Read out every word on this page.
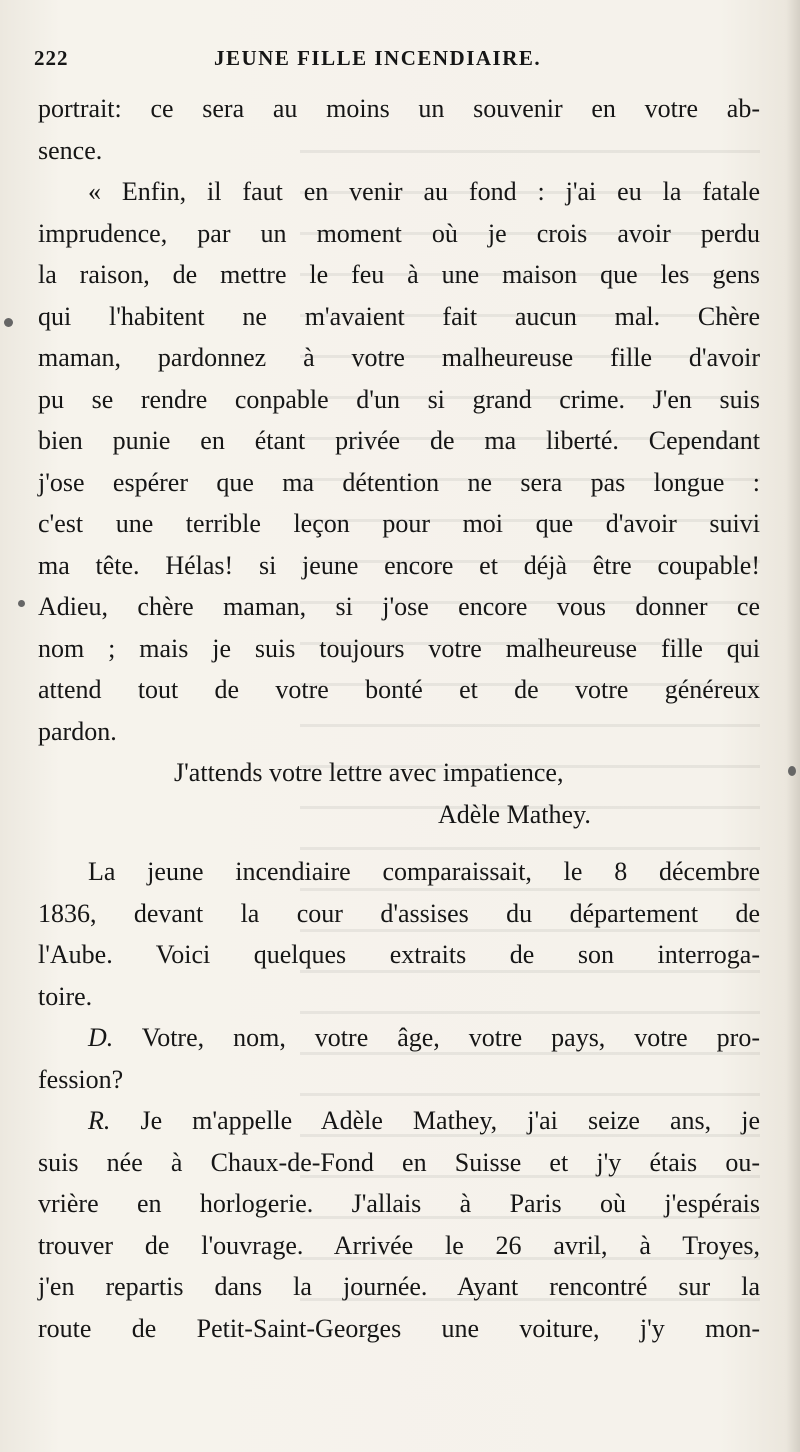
222	JEUNE FILLE INCENDIAIRE.
portrait: ce sera au moins un souvenir en votre ab-
sence.
« Enfin, il faut en venir au fond : j'ai eu la fatale
imprudence, par un moment où je crois avoir perdu
la raison, de mettre le feu à une maison que les gens
qui l'habitent ne m'avaient fait aucun mal. Chère
maman, pardonnez à votre malheureuse fille d'avoir
pu se rendre conpable d'un si grand crime. J'en suis
bien punie en étant privée de ma liberté. Cependant
j'ose espérer que ma détention ne sera pas longue :
c'est une terrible leçon pour moi que d'avoir suivi
ma tête. Hélas! si jeune encore et déjà être coupable!
Adieu, chère maman, si j'ose encore vous donner ce
nom ; mais je suis toujours votre malheureuse fille qui
attend tout de votre bonté et de votre généreux
pardon.
J'attends votre lettre avec impatience,
Adèle Mathey.
La jeune incendiaire comparaissait, le 8 décembre
1836, devant la cour d'assises du département de
l'Aube. Voici quelques extraits de son interroga-
toire.
D. Votre, nom, votre âge, votre pays, votre pro-
fession?
R. Je m'appelle Adèle Mathey, j'ai seize ans, je
suis née à Chaux-de-Fond en Suisse et j'y étais ou-
vrière en horlogerie. J'allais à Paris où j'espérais
trouver de l'ouvrage. Arrivée le 26 avril, à Troyes,
j'en repartis dans la journée. Ayant rencontré sur la
route de Petit-Saint-Georges une voiture, j'y mon-
